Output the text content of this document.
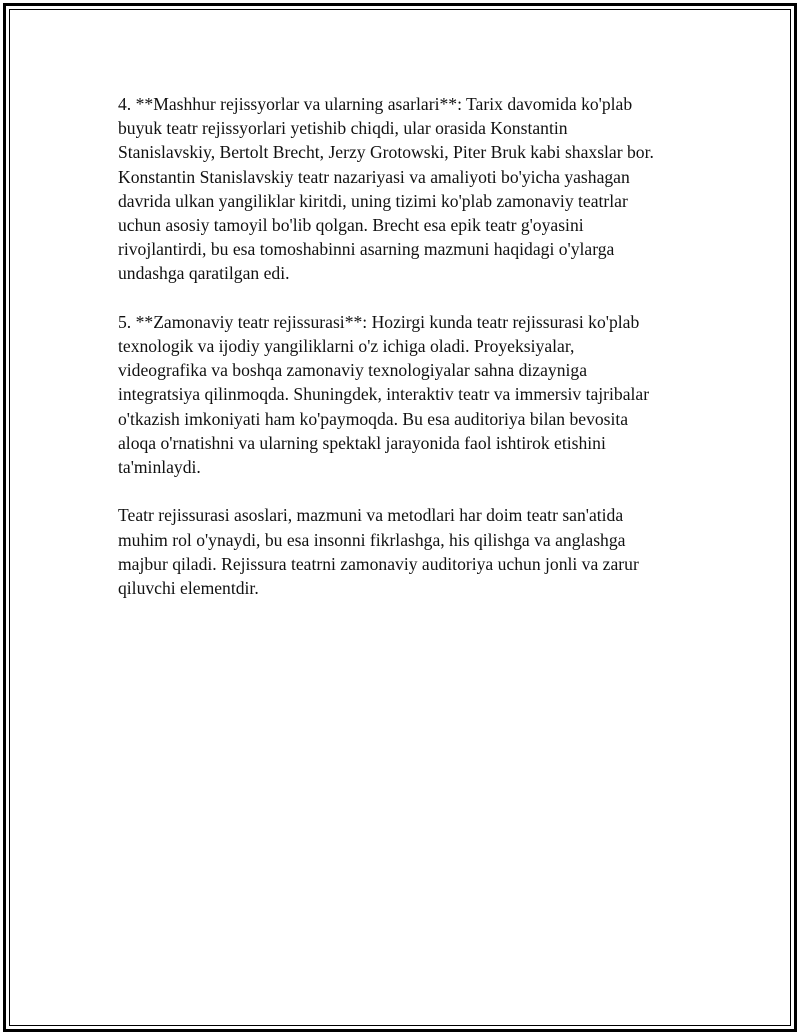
4. **Mashhur rejissyorlar va ularning asarlari**: Tarix davomida ko'plab
buyuk teatr rejissyorlari yetishib chiqdi, ular orasida Konstantin
Stanislavskiy, Bertolt Brecht, Jerzy Grotowski, Piter Bruk kabi shaxslar bor.
Konstantin Stanislavskiy teatr nazariyasi va amaliyoti bo'yicha yashagan
davrida ulkan yangiliklar kiritdi, uning tizimi ko'plab zamonaviy teatrlar
uchun asosiy tamoyil bo'lib qolgan. Brecht esa epik teatr g'oyasini
rivojlantirdi, bu esa tomoshabinni asarning mazmuni haqidagi o'ylarga
undashga qaratilgan edi.

5. **Zamonaviy teatr rejissurasi**: Hozirgi kunda teatr rejissurasi ko'plab
texnologik va ijodiy yangiliklarni o'z ichiga oladi. Proyeksiyalar,
videografika va boshqa zamonaviy texnologiyalar sahna dizayniga
integratsiya qilinmoqda. Shuningdek, interaktiv teatr va immersiv tajribalar
o'tkazish imkoniyati ham ko'paymoqda. Bu esa auditoriya bilan bevosita
aloqa o'rnatishni va ularning spektakl jarayonida faol ishtirok etishini
ta'minlaydi.

Teatr rejissurasi asoslari, mazmuni va metodlari har doim teatr san'atida
muhim rol o'ynaydi, bu esa insonni fikrlashga, his qilishga va anglashga
majbur qiladi. Rejissura teatrni zamonaviy auditoriya uchun jonli va zarur
qiluvchi elementdir.
